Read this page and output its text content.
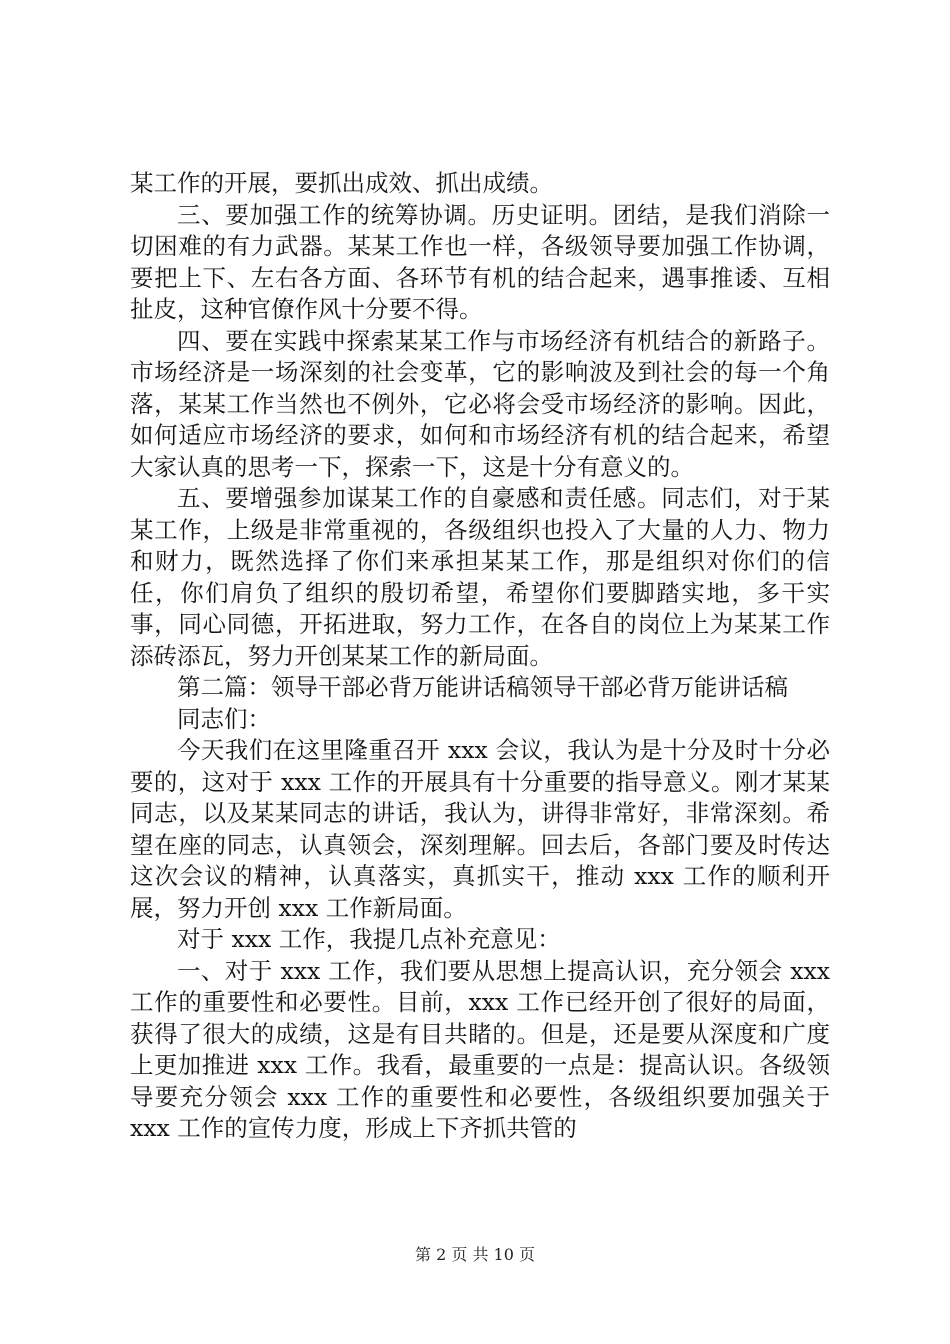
某工作的开展，要抓出成效、抓出成绩。

三、要加强工作的统筹协调。历史证明。团结，是我们消除一切困难的有力武器。某某工作也一样，各级领导要加强工作协调，要把上下、左右各方面、各环节有机的结合起来，遇事推诿、互相扯皮，这种官僚作风十分要不得。

四、要在实践中探索某某工作与市场经济有机结合的新路子。市场经济是一场深刻的社会变革，它的影响波及到社会的每一个角落，某某工作当然也不例外，它必将会受市场经济的影响。因此，如何适应市场经济的要求，如何和市场经济有机的结合起来，希望大家认真的思考一下，探索一下，这是十分有意义的。

五、要增强参加谋某工作的自豪感和责任感。同志们，对于某某工作，上级是非常重视的，各级组织也投入了大量的人力、物力和财力，既然选择了你们来承担某某工作，那是组织对你们的信任，你们肩负了组织的殷切希望，希望你们要脚踏实地，多干实事，同心同德，开拓进取，努力工作，在各自的岗位上为某某工作添砖添瓦，努力开创某某工作的新局面。

第二篇：领导干部必背万能讲话稿领导干部必背万能讲话稿

同志们：

今天我们在这里隆重召开 xxx 会议，我认为是十分及时十分必要的，这对于 xxx 工作的开展具有十分重要的指导意义。刚才某某同志，以及某某同志的讲话，我认为，讲得非常好，非常深刻。希望在座的同志，认真领会，深刻理解。回去后，各部门要及时传达这次会议的精神，认真落实，真抓实干，推动 xxx 工作的顺利开展，努力开创 xxx 工作新局面。

对于 xxx 工作，我提几点补充意见：

一、对于 xxx 工作，我们要从思想上提高认识，充分领会 xxx 工作的重要性和必要性。目前，xxx 工作已经开创了很好的局面，获得了很大的成绩，这是有目共睹的。但是，还是要从深度和广度上更加推进 xxx 工作。我看，最重要的一点是：提高认识。各级领导要充分领会 xxx 工作的重要性和必要性，各级组织要加强关于 xxx 工作的宣传力度，形成上下齐抓共管的

第 2 页 共 10 页
